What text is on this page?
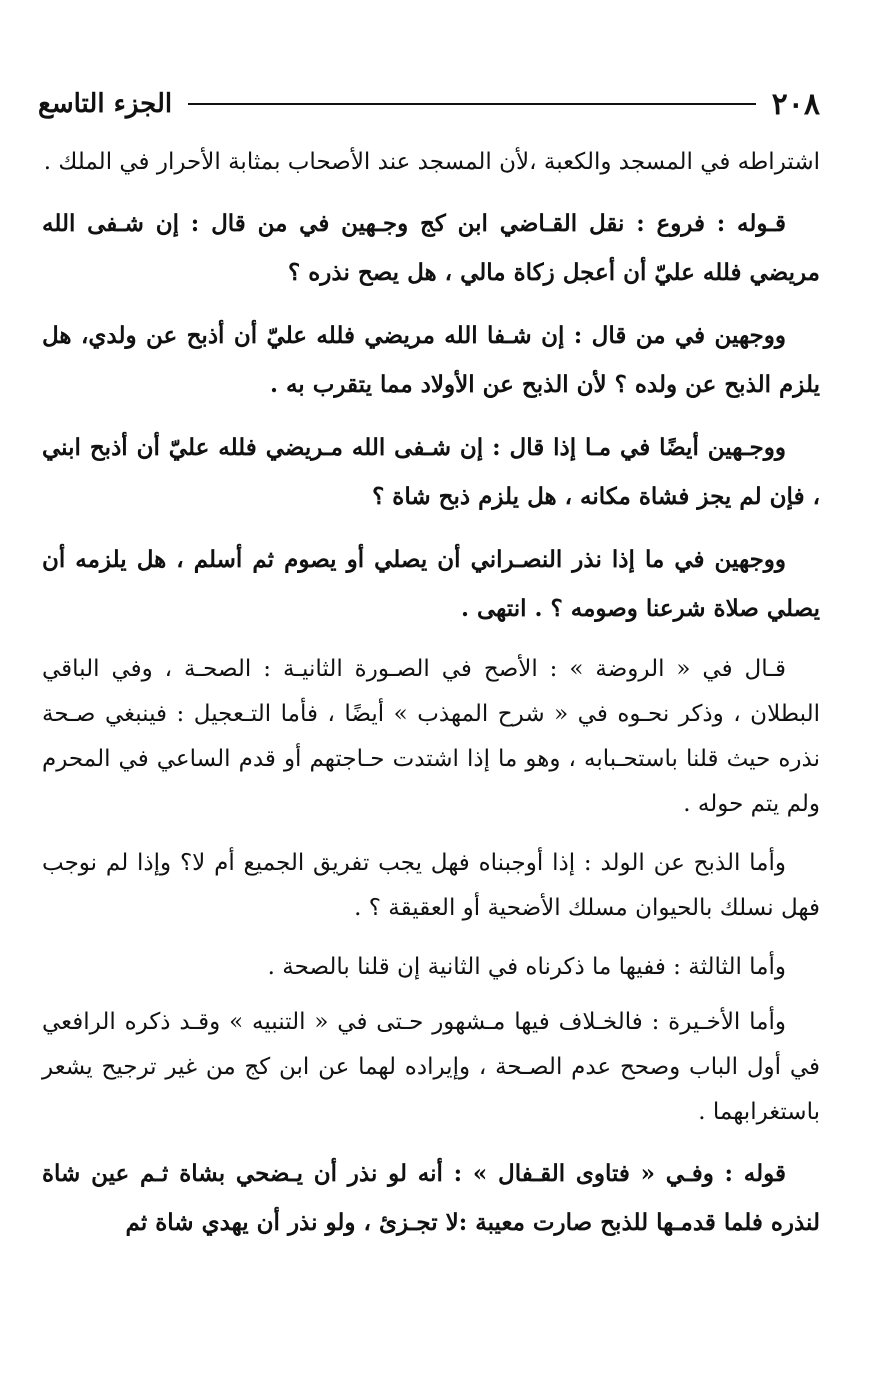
٢٠٨
الجزء التاسع

اشتراطه في المسجد والكعبة ،لأن المسجد عند الأصحاب بمثابة الأحرار في الملك .

قـوله : فروع : نقل القـاضي ابن كج وجـهين في من قال : إن شـفى الله مريضي فلله عليّ أن أعجل زكاة مالي ، هل يصح نذره ؟

ووجهين في من قال : إن شـفا الله مريضي فلله عليّ أن أذبح عن ولدي، هل يلزم الذبح عن ولده ؟ لأن الذبح عن الأولاد مما يتقرب به .

ووجـهين أيضًا في مـا إذا قال : إن شـفى الله مـريضي فلله عليّ أن أذبح ابني ، فإن لم يجز فشاة مكانه ، هل يلزم ذبح شاة ؟

ووجهين في ما إذا نذر النصـراني أن يصلي أو يصوم ثم أسلم ، هل يلزمه أن يصلي صلاة شرعنا وصومه ؟ . انتهى .

قـال في « الروضة » : الأصح في الصـورة الثانيـة : الصحـة ، وفي الباقي البطلان ، وذكر نحـوه في « شرح المهذب » أيضًا ، فأما التـعجيل : فينبغي صـحة نذره حيث قلنا باستحـبابه ، وهو ما إذا اشتدت حـاجتهم أو قدم الساعي في المحرم ولم يتم حوله .

وأما الذبح عن الولد : إذا أوجبناه فهل يجب تفريق الجميع أم لا؟ وإذا لم نوجب فهل نسلك بالحيوان مسلك الأضحية أو العقيقة ؟ .

وأما الثالثة : ففيها ما ذكرناه في الثانية إن قلنا بالصحة .

وأما الأخـيرة : فالخـلاف فيها مـشهور حـتى في « التنبيه » وقـد ذكره الرافعي في أول الباب وصحح عدم الصـحة ، وإيراده لهما عن ابن كج من غير ترجيح يشعر باستغرابهما .

قوله : وفـي « فتاوى القـفال » : أنه لو نذر أن يـضحي بشاة ثـم عين شاة لنذره فلما قدمـها للذبح صارت معيبة :لا تجـزئ ، ولو نذر أن يهدي شاة ثم
